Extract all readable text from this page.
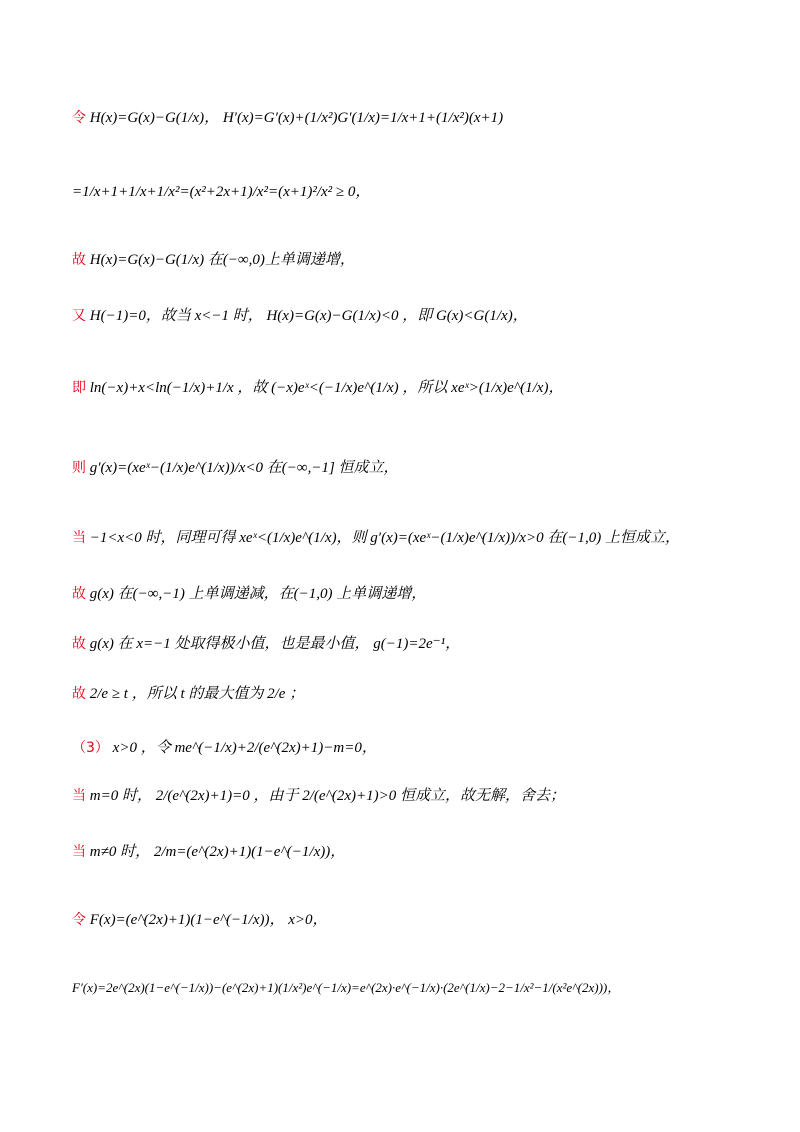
令 H(x)=G(x)−G(1/x)， H′(x)=G′(x)+(1/x²)G′(1/x)=1/x+1+(1/x²)(x+1)
=1/x+1+1/x+1/x²=(x²+2x+1)/x²=(x+1)²/x² ≥ 0，
故 H(x)=G(x)−G(1/x) 在(−∞,0)上单调递增，
又 H(−1)=0，故当 x<−1 时， H(x)=G(x)−G(1/x)<0 ，即 G(x)<G(1/x)，
即 ln(−x)+x<ln(−1/x)+1/x ，故 (−x)eˣ<(−1/x)e^(1/x) ，所以 xeˣ>(1/x)e^(1/x)，
则 g′(x)=(xeˣ−(1/x)e^(1/x))/x<0 在(−∞,−1] 恒成立，
当 −1<x<0 时，同理可得 xeˣ<(1/x)e^(1/x)，则 g′(x)=(xeˣ−(1/x)e^(1/x))/x>0 在(−1,0) 上恒成立，
故 g(x) 在(−∞,−1) 上单调递减，在(−1,0) 上单调递增，
故 g(x) 在 x=−1 处取得极小值，也是最小值， g(−1)=2e⁻¹，
故 2/e ≥ t ，所以 t 的最大值为 2/e ；
（3） x>0 ，令 me^(−1/x)+2/(e^(2x)+1)−m=0，
当 m=0 时， 2/(e^(2x)+1)=0 ，由于 2/(e^(2x)+1)>0 恒成立，故无解，舍去；
当 m≠0 时， 2/m=(e^(2x)+1)(1−e^(−1/x))，
令 F(x)=(e^(2x)+1)(1−e^(−1/x))， x>0，
F′(x)=2e^(2x)(1−e^(−1/x))−(e^(2x)+1)(1/x²)e^(−1/x)=e^(2x)·e^(−1/x)·(2e^(1/x)−2−1/x²−1/(x²e^(2x)))，
